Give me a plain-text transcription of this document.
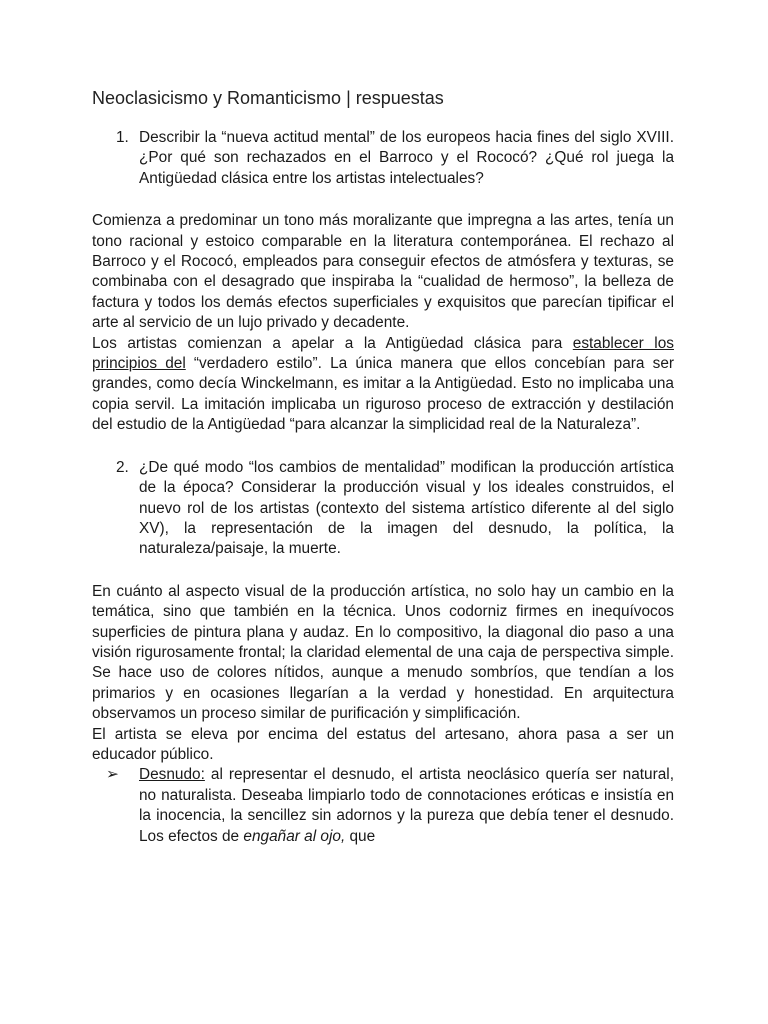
Neoclasicismo y Romanticismo | respuestas
1. Describir la “nueva actitud mental” de los europeos hacia fines del siglo XVIII. ¿Por qué son rechazados en el Barroco y el Rococó? ¿Qué rol juega la Antigüedad clásica entre los artistas intelectuales?

Comienza a predominar un tono más moralizante que impregna a las artes, tenía un tono racional y estoico comparable en la literatura contemporánea. El rechazo al Barroco y el Rococó, empleados para conseguir efectos de atmósfera y texturas, se combinaba con el desagrado que inspiraba la “cualidad de hermoso”, la belleza de factura y todos los demás efectos superficiales y exquisitos que parecían tipificar el arte al servicio de un lujo privado y decadente.

Los artistas comienzan a apelar a la Antigüedad clásica para establecer los principios del “verdadero estilo”. La única manera que ellos concebían para ser grandes, como decía Winckelmann, es imitar a la Antigüedad. Esto no implicaba una copia servil. La imitación implicaba un riguroso proceso de extracción y destilación del estudio de la Antigüedad “para alcanzar la simplicidad real de la Naturaleza”.

2. ¿De qué modo “los cambios de mentalidad” modifican la producción artística de la época? Considerar la producción visual y los ideales construidos, el nuevo rol de los artistas (contexto del sistema artístico diferente al del siglo XV), la representación de la imagen del desnudo, la política, la naturaleza/paisaje, la muerte.

En cuánto al aspecto visual de la producción artística, no solo hay un cambio en la temática, sino que también en la técnica. Unos codorniz firmes en inequívocos superficies de pintura plana y audaz. En lo compositivo, la diagonal dio paso a una visión rigurosamente frontal; la claridad elemental de una caja de perspectiva simple. Se hace uso de colores nítidos, aunque a menudo sombríos, que tendían a los primarios y en ocasiones llegarían a la verdad y honestidad. En arquitectura observamos un proceso similar de purificación y simplificación.

El artista se eleva por encima del estatus del artesano, ahora pasa a ser un educador público.

➢	Desnudo: al representar el desnudo, el artista neoclásico quería ser natural, no naturalista. Deseaba limpiarlo todo de connotaciones eróticas e insistía en la inocencia, la sencillez sin adornos y la pureza que debía tener el desnudo. Los efectos de engañar al ojo, que
